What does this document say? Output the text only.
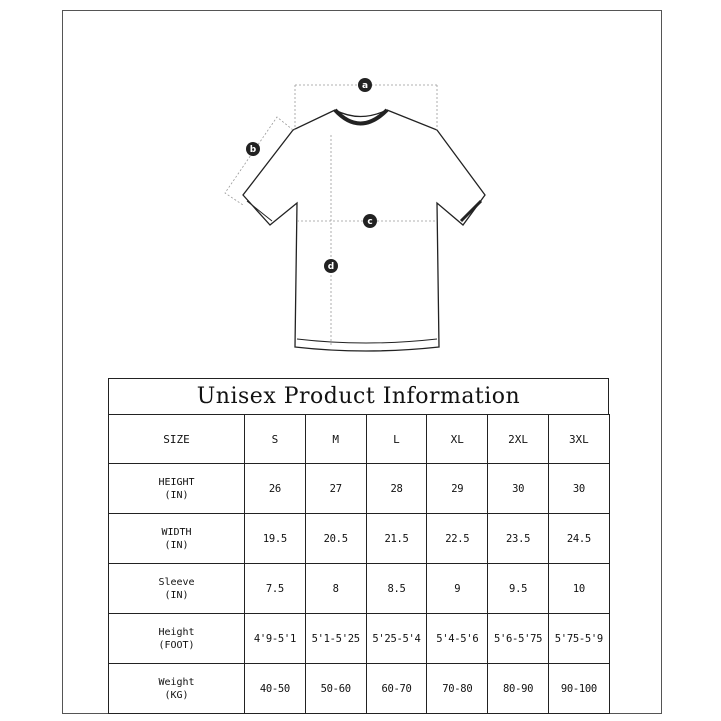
a
b
c
d
Unisex Product Information
SIZE	S	M	L	XL	2XL	3XL

HEIGHT
(IN)	26	27	28	29	30	30

WIDTH
(IN)	19.5	20.5	21.5	22.5	23.5	24.5

Sleeve
(IN)	7.5	8	8.5	9	9.5	10

Height
(FOOT)	4'9-5'1	5'1-5'25	5'25-5'4	5'4-5'6	5'6-5'75	5'75-5'9

Weight
(KG)	40-50	50-60	60-70	70-80	80-90	90-100
